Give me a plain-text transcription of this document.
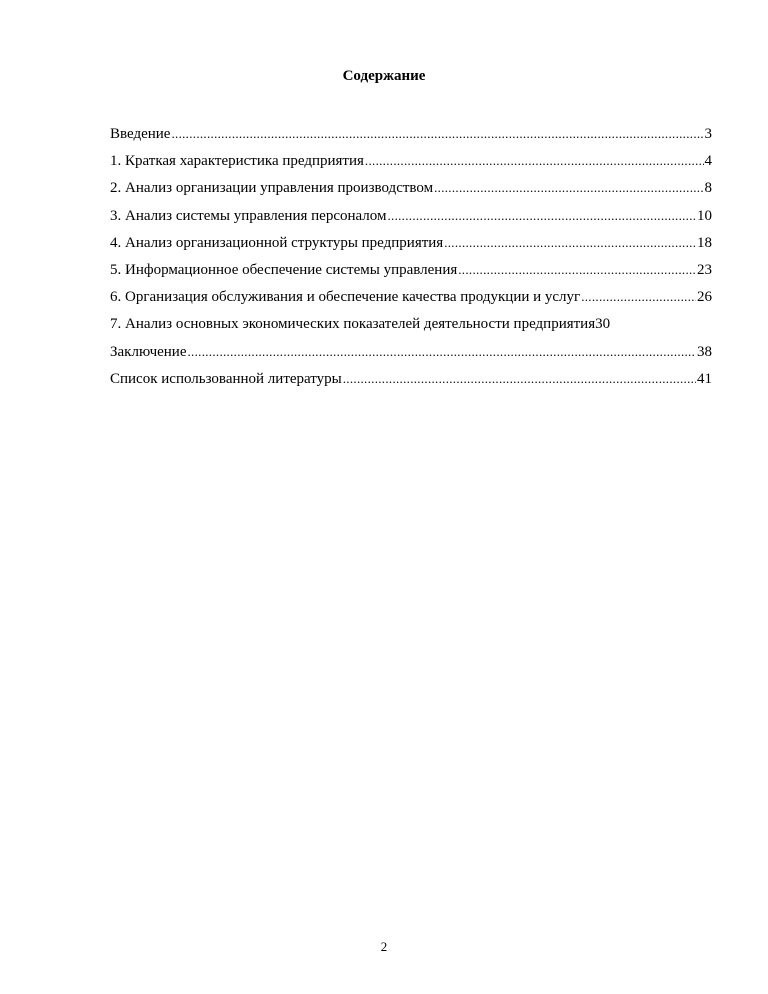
Содержание
Введение .....	3
1. Краткая характеристика предприятия .....	4
2. Анализ организации управления производством .....	8
3. Анализ системы управления персоналом .....	10
4. Анализ организационной структуры предприятия .....	18
5. Информационное обеспечение системы управления .....	23
6. Организация обслуживания и обеспечение качества продукции и услуг .....	26
7. Анализ основных экономических показателей деятельности предприятия 30
Заключение .....	38
Список использованной литературы .....	41
2
